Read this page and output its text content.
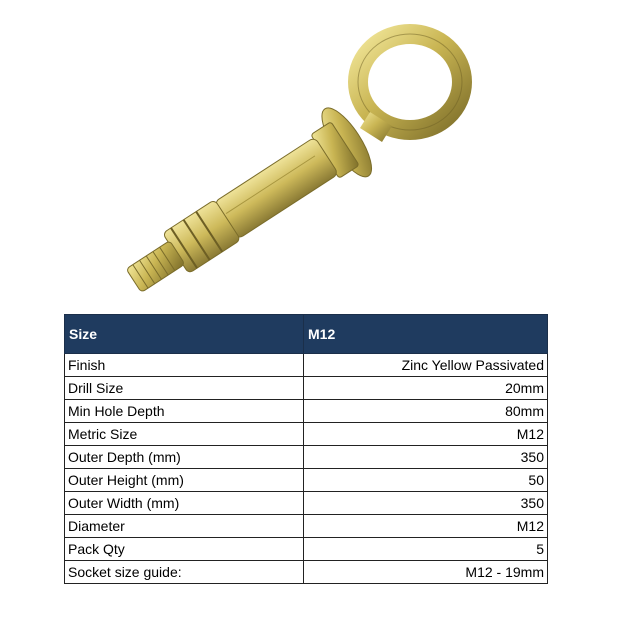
Size	M12
Finish	Zinc Yellow Passivated
Drill Size	20mm
Min Hole Depth	80mm
Metric Size	M12
Outer Depth (mm)	350
Outer Height (mm)	50
Outer Width (mm)	350
Diameter	M12
Pack Qty	5
Socket size guide:	M12 - 19mm
